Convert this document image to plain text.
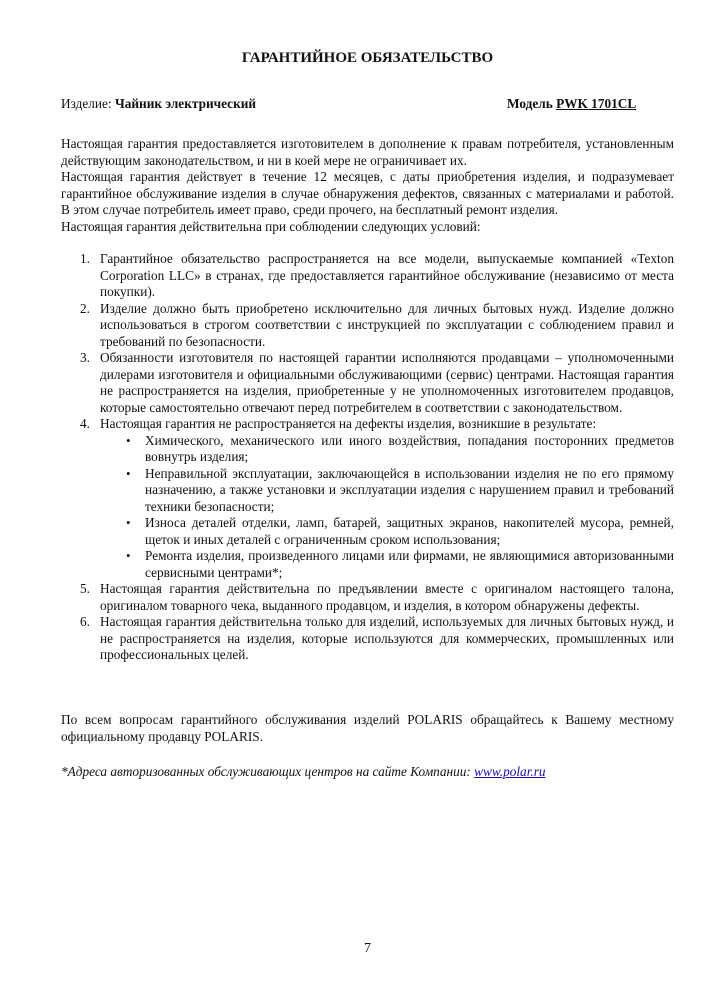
ГАРАНТИЙНОЕ ОБЯЗАТЕЛЬСТВО
Изделие: Чайник электрический	Модель PWK 1701CL

Настоящая гарантия предоставляется изготовителем в дополнение к правам потребителя, установленным действующим законодательством, и ни в коей мере не ограничивает их.

Настоящая гарантия действует в течение 12 месяцев, с даты приобретения изделия, и подразумевает гарантийное обслуживание изделия в случае обнаружения дефектов, связанных с материалами и работой. В этом случае потребитель имеет право, среди прочего, на бесплатный ремонт изделия.

Настоящая гарантия действительна при соблюдении следующих условий:

1. Гарантийное обязательство распространяется на все модели, выпускаемые компанией «Texton Corporation LLC» в странах, где предоставляется гарантийное обслуживание (независимо от места покупки).
2. Изделие должно быть приобретено исключительно для личных бытовых нужд. Изделие должно использоваться в строгом соответствии с инструкцией по эксплуатации с соблюдением правил и требований по безопасности.
3. Обязанности изготовителя по настоящей гарантии исполняются продавцами – уполномоченными дилерами изготовителя и официальными обслуживающими (сервис) центрами. Настоящая гарантия не распространяется на изделия, приобретенные у не уполномоченных изготовителем продавцов, которые самостоятельно отвечают перед потребителем в соответствии с законодательством.
4. Настоящая гарантия не распространяется на дефекты изделия, возникшие в результате:
• Химического, механического или иного воздействия, попадания посторонних предметов вовнутрь изделия;
• Неправильной эксплуатации, заключающейся в использовании изделия не по его прямому назначению, а также установки и эксплуатации изделия с нарушением правил и требований техники безопасности;
• Износа деталей отделки, ламп, батарей, защитных экранов, накопителей мусора, ремней, щеток и иных деталей с ограниченным сроком использования;
• Ремонта изделия, произведенного лицами или фирмами, не являющимися авторизованными сервисными центрами*;
5. Настоящая гарантия действительна по предъявлении вместе с оригиналом настоящего талона, оригиналом товарного чека, выданного продавцом, и изделия, в котором обнаружены дефекты.
6. Настоящая гарантия действительна только для изделий, используемых для личных бытовых нужд, и не распространяется на изделия, которые используются для коммерческих, промышленных или профессиональных целей.

По всем вопросам гарантийного обслуживания изделий POLARIS обращайтесь к Вашему местному официальному продавцу POLARIS.

*Адреса авторизованных обслуживающих центров на сайте Компании: www.polar.ru

7
